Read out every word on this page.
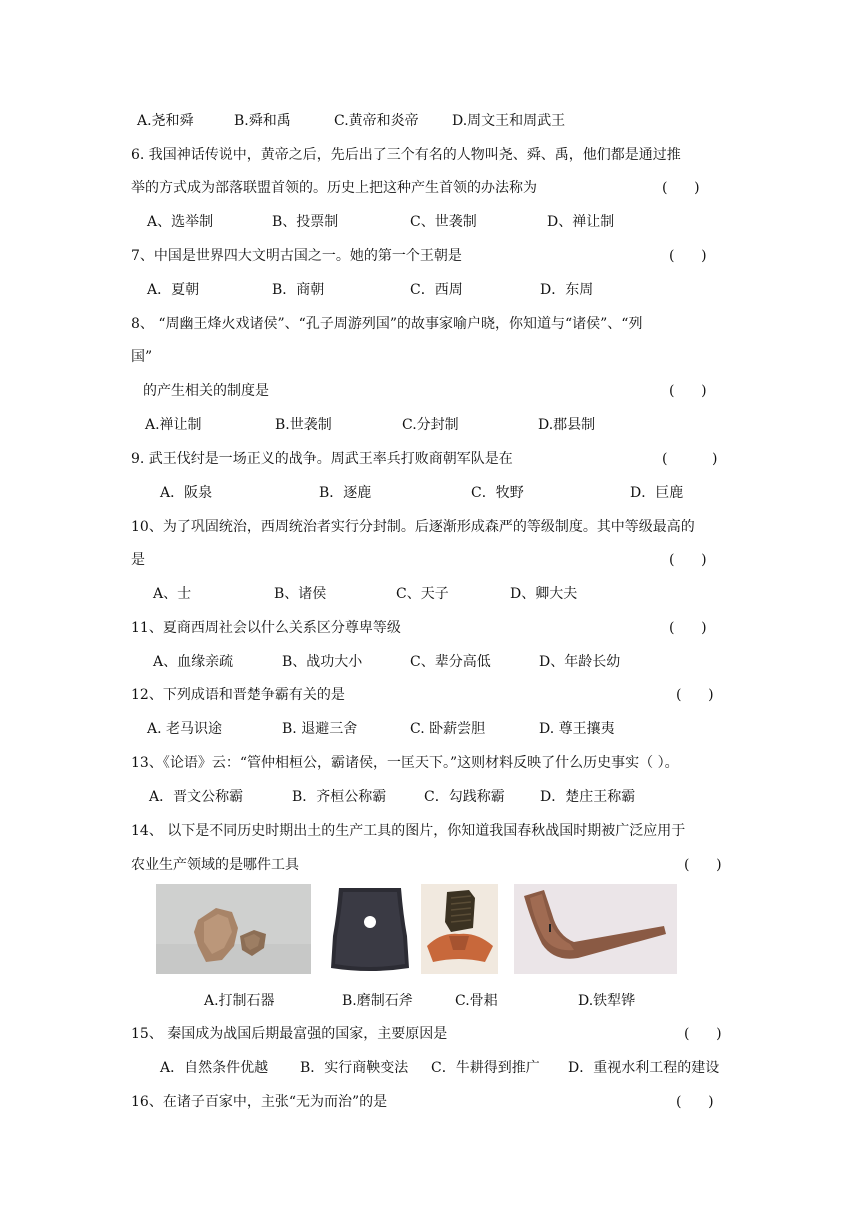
A.尧和舜	B.舜和禹	C.黄帝和炎帝 D.周文王和周武王
6. 我国神话传说中，黄帝之后，先后出了三个有名的人物叫尧、舜、禹，他们都是通过推
举的方式成为部落联盟首领的。历史上把这种产生首领的办法称为	(      )
A、选举制	B、投票制	C、世袭制	D、禅让制
7、中国是世界四大文明古国之一。她的第一个王朝是	(      )
A．夏朝	B．商朝	C．西周	D．东周
8、 “周幽王烽火戏诸侯”、“孔子周游列国”的故事家喻户晓，你知道与“诸侯”、“列
国”
的产生相关的制度是	(      )
A.禅让制	B.世袭制	C.分封制	D.郡县制
9. 武王伐纣是一场正义的战争。周武王率兵打败商朝军队是在	(          )
A．阪泉	B．逐鹿	C．牧野	D．巨鹿
10、为了巩固统治，西周统治者实行分封制。后逐渐形成森严的等级制度。其中等级最高的
是	(      )
A、士	B、诸侯	C、天子	D、卿大夫
11、夏商西周社会以什么关系区分尊卑等级	(      )
A、血缘亲疏	B、战功大小	C、辈分高低	D、年龄长幼
12、下列成语和晋楚争霸有关的是	(      )
A. 老马识途	B. 退避三舍	C. 卧薪尝胆	D. 尊王攘夷
13、《论语》云：“管仲相桓公，霸诸侯，一匡天下。”这则材料反映了什么历史事实（ ）。
A．晋文公称霸	B．齐桓公称霸	C．勾践称霸	D．楚庄王称霸
14、 以下是不同历史时期出土的生产工具的图片，你知道我国春秋战国时期被广泛应用于
农业生产领域的是哪件工具	(      )
A.打制石器	B.磨制石斧	C.骨耜	D.铁犁铧
15、 秦国成为战国后期最富强的国家，主要原因是	(      )
A．自然条件优越 B．实行商鞅变法 C．牛耕得到推广 D．重视水利工程的建设
16、在诸子百家中，主张“无为而治”的是	(      )
